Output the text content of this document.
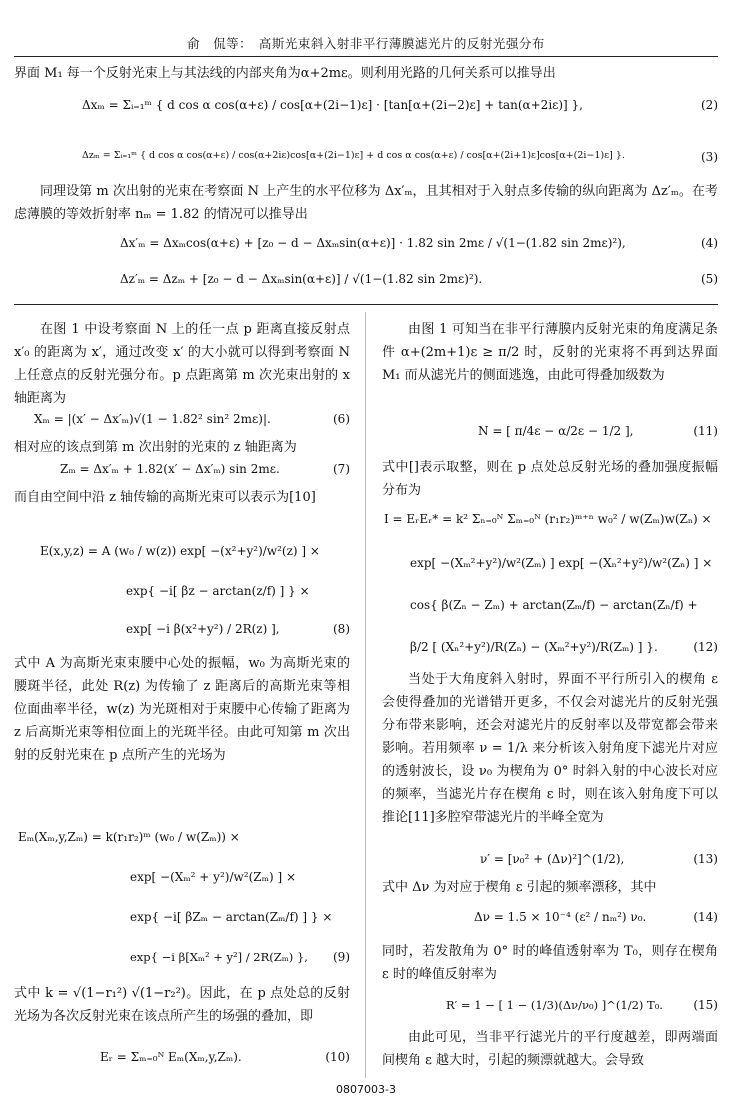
俞　侃等：　高斯光束斜入射非平行薄膜滤光片的反射光强分布
界面 M₁ 每一个反射光束上与其法线的内部夹角为α+2mε。则利用光路的几何关系可以推导出
Δxₘ = Σᵢ₌₁ᵐ { d cos α cos(α+ε) / cos[α+(2i−1)ε] · [tan[α+(2i−2)ε] + tan(α+2iε)] },	(2)
Δzₘ = Σᵢ₌₁ᵐ { d cos α cos(α+ε) / cos(α+2iε)cos[α+(2i−1)ε] + d cos α cos(α+ε) / cos[α+(2i+1)ε]cos[α+(2i−1)ε] }.	(3)
同理设第 m 次出射的光束在考察面 N 上产生的水平位移为 Δx′ₘ，且其相对于入射点多传输的纵向距离为 Δz′ₘ。在考虑薄膜的等效折射率 nₘ = 1.82 的情况可以推导出
Δx′ₘ = Δxₘcos(α+ε) + [z₀ − d − Δxₘsin(α+ε)] · 1.82 sin 2mε / √(1−(1.82 sin 2mε)²),	(4)
Δz′ₘ = Δzₘ + [z₀ − d − Δxₘsin(α+ε)] / √(1−(1.82 sin 2mε)²).	(5)
在图 1 中设考察面 N 上的任一点 p 距离直接反射点 x′₀ 的距离为 x′，通过改变 x′ 的大小就可以得到考察面 N 上任意点的反射光强分布。p 点距离第 m 次光束出射的 x 轴距离为
Xₘ = |(x′ − Δx′ₘ)√(1 − 1.82² sin² 2mε)|.	(6)
相对应的该点到第 m 次出射的光束的 z 轴距离为
Zₘ = Δx′ₘ + 1.82(x′ − Δx′ₘ) sin 2mε.	(7)
而自由空间中沿 z 轴传输的高斯光束可以表示为[10]
E(x,y,z) = A (w₀ / w(z)) exp[ −(x²+y²)/w²(z) ] ×
exp{ −i[ βz − arctan(z/f) ] } ×
exp[ −i β(x²+y²) / 2R(z) ],	(8)
式中 A 为高斯光束束腰中心处的振幅，w₀ 为高斯光束的腰斑半径，此处 R(z) 为传输了 z 距离后的高斯光束等相位面曲率半径，w(z) 为光斑相对于束腰中心传输了距离为 z 后高斯光束等相位面上的光斑半径。由此可知第 m 次出射的反射光束在 p 点所产生的光场为
Eₘ(Xₘ,y,Zₘ) = k(r₁r₂)ᵐ (w₀ / w(Zₘ)) ×
exp[ −(Xₘ² + y²)/w²(Zₘ) ] ×
exp{ −i[ βZₘ − arctan(Zₘ/f) ] } ×
exp{ −i β[Xₘ² + y²] / 2R(Zₘ) },	(9)
式中 k = √(1−r₁²) √(1−r₂²)。因此，在 p 点处总的反射光场为各次反射光束在该点所产生的场强的叠加，即
Eᵣ = Σₘ₌₀ᴺ Eₘ(Xₘ,y,Zₘ).	(10)
由图 1 可知当在非平行薄膜内反射光束的角度满足条件 α+(2m+1)ε ≥ π/2 时，反射的光束将不再到达界面 M₁ 而从滤光片的侧面逃逸，由此可得叠加级数为
N = [ π/4ε − α/2ε − 1/2 ],	(11)
式中[]表示取整，则在 p 点处总反射光场的叠加强度振幅分布为
I = EᵣEᵣ* = k² Σₙ₌₀ᴺ Σₘ₌₀ᴺ (r₁r₂)ᵐ⁺ⁿ w₀² / w(Zₘ)w(Zₙ) ×
exp[ −(Xₘ²+y²)/w²(Zₘ) ] exp[ −(Xₙ²+y²)/w²(Zₙ) ] ×
cos{ β(Zₙ − Zₘ) + arctan(Zₘ/f) − arctan(Zₙ/f) +
β/2 [ (Xₙ²+y²)/R(Zₙ) − (Xₘ²+y²)/R(Zₘ) ] }.	(12)
当处于大角度斜入射时，界面不平行所引入的楔角 ε 会使得叠加的光谱错开更多，不仅会对滤光片的反射光强分布带来影响，还会对滤光片的反射率以及带宽都会带来影响。若用频率 ν = 1/λ 来分析该入射角度下滤光片对应的透射波长，设 ν₀ 为楔角为 0° 时斜入射的中心波长对应的频率，当滤光片存在楔角 ε 时，则在该入射角度下可以推论[11]多腔窄带滤光片的半峰全宽为
ν′ = [ν₀² + (Δν)²]^(1/2),	(13)
式中 Δν 为对应于楔角 ε 引起的频率漂移，其中
Δν = 1.5 × 10⁻⁴ (ε² / nₘ²) ν₀.	(14)
同时，若发散角为 0° 时的峰值透射率为 T₀，则存在楔角 ε 时的峰值反射率为
R′ = 1 − [ 1 − (1/3)(Δν/ν₀) ]^(1/2) T₀.	(15)
由此可见，当非平行滤光片的平行度越差，即两端面间楔角 ε 越大时，引起的频漂就越大。会导致
0807003-3
